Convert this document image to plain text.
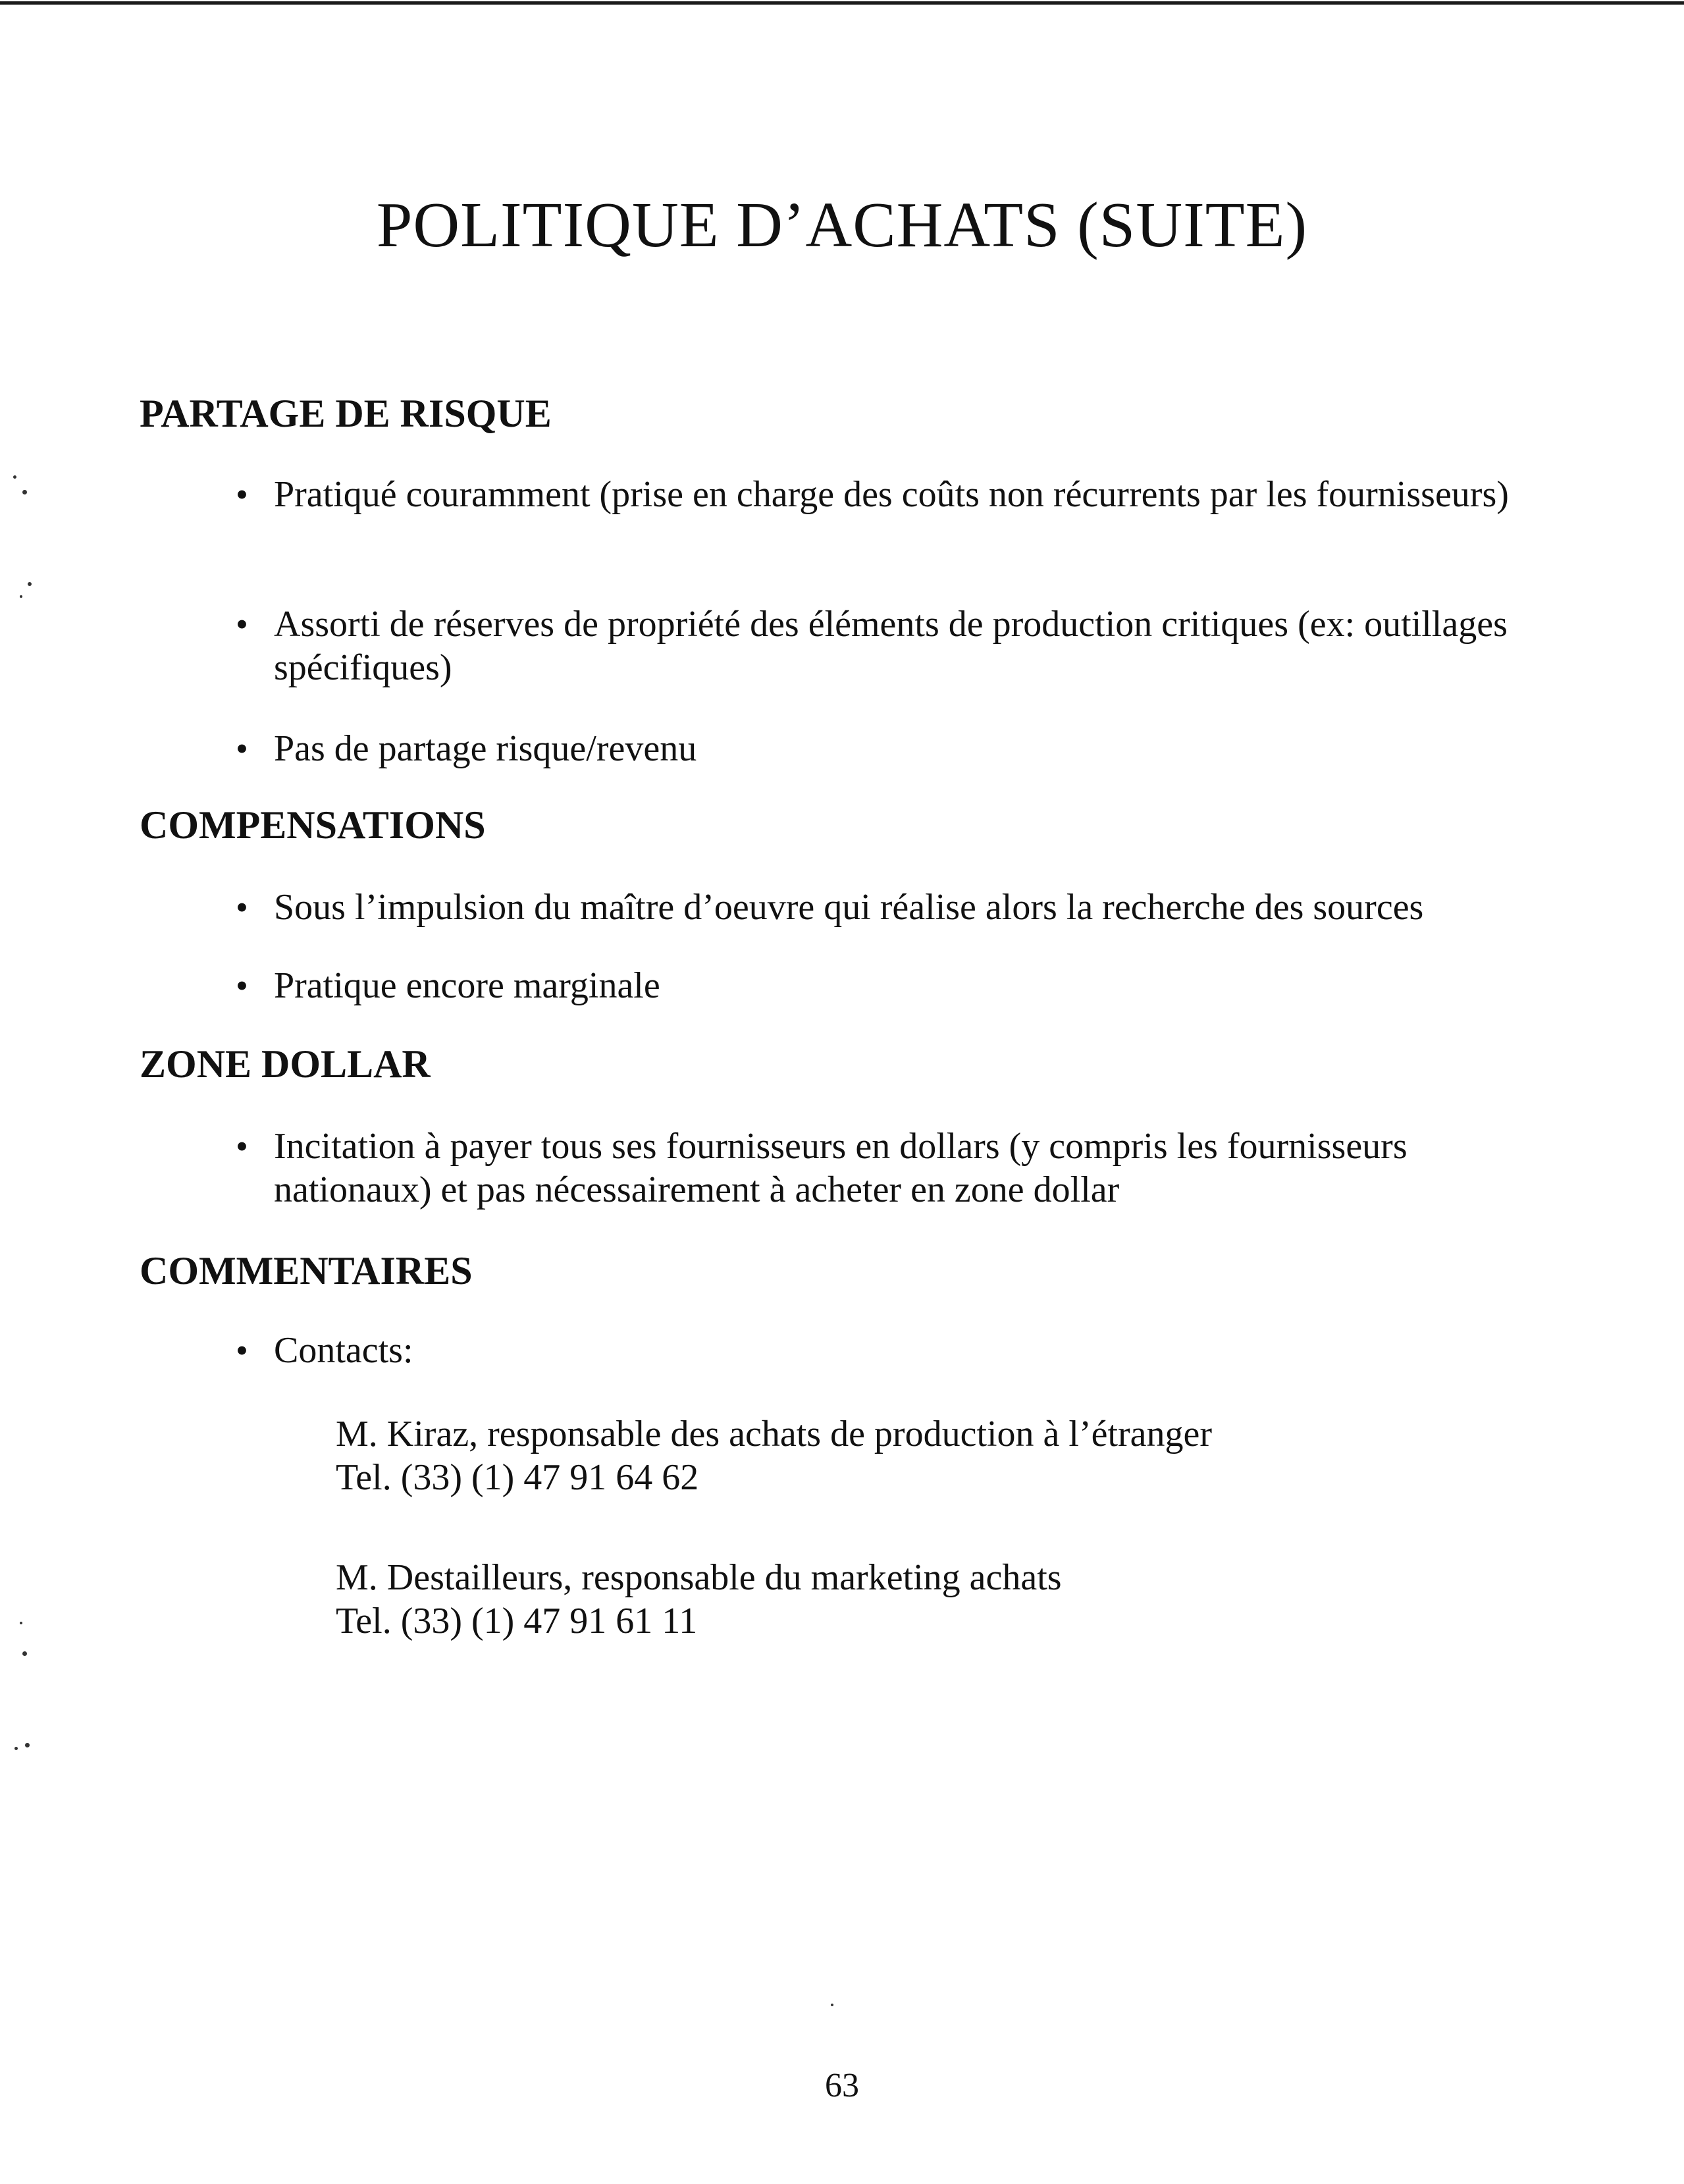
POLITIQUE D’ACHATS (SUITE)
PARTAGE DE RISQUE
• Pratiqué couramment (prise en charge des coûts non récurrents par les fournisseurs)
• Assorti de réserves de propriété des éléments de production critiques (ex: outillages spécifiques)
• Pas de partage risque/revenu
COMPENSATIONS
• Sous l’impulsion du maître d’oeuvre qui réalise alors la recherche des sources
• Pratique encore marginale
ZONE DOLLAR
• Incitation à payer tous ses fournisseurs en dollars (y compris les fournisseurs nationaux) et pas nécessairement à acheter en zone dollar
COMMENTAIRES
• Contacts:
M. Kiraz, responsable des achats de production à l’étranger
Tel. (33) (1) 47 91 64 62
M. Destailleurs, responsable du marketing achats
Tel. (33) (1) 47 91 61 11
63
